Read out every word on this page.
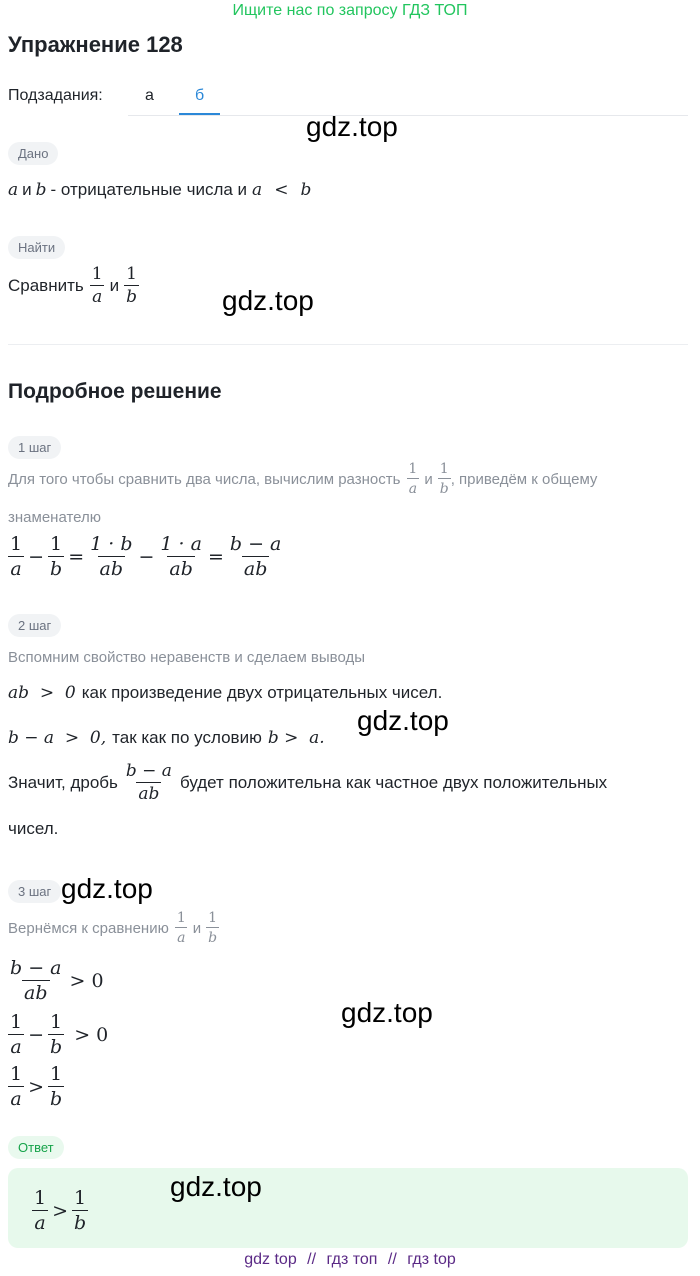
Ищите нас по запросу ГДЗ ТОП
Упражнение 128
Подзадания:	а	б
gdz.top
Дано
a и b - отрицательные числа и a < b
Найти
Сравнить $\frac{1}{a}$ и $\frac{1}{b}$	gdz.top
Подробное решение
1 шаг
Для того чтобы сравнить два числа, вычислим разность $\frac{1}{a}$ и $\frac{1}{b}$ , приведём к общему
знаменателю
$\frac{1}{a} - \frac{1}{b} = \frac{1 \cdot b}{ab} - \frac{1 \cdot a}{ab} = \frac{b - a}{ab}$
2 шаг
Вспомним свойство неравенств и сделаем выводы
ab  >  0 как произведение двух отрицательных чисел.
b − a  >  0, так как по условию b >  a.
gdz.top
Значит, дробь $\frac{b - a}{ab}$ будет положительна как частное двух положительных
чисел.
3 шаг gdz.top
Вернёмся к сравнению $\frac{1}{a}$ и $\frac{1}{b}$
$\frac{b - a}{ab} > 0$
$\frac{1}{a} - \frac{1}{b} > 0$
gdz.top
$\frac{1}{a} > \frac{1}{b}$
Ответ
$\frac{1}{a} > \frac{1}{b}$
gdz.top
gdz top // гдз топ // гдз top
